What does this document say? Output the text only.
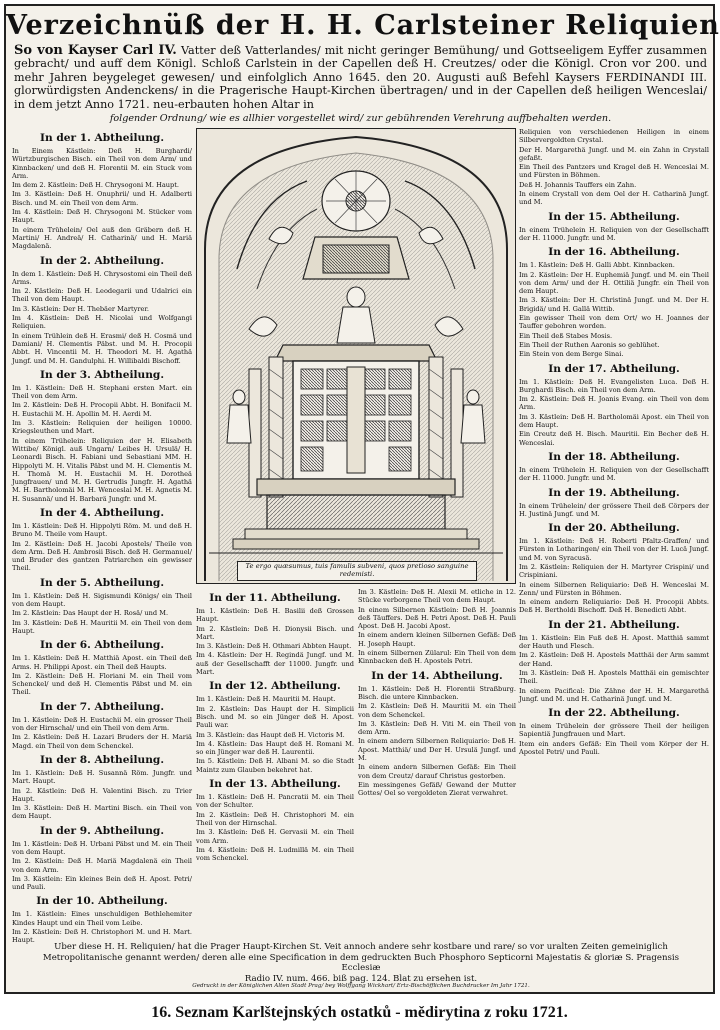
Verzeichnüß der H. H. Carlsteiner Reliquien
So von Kayser Carl IV. Vatter deß Vatterlandes/ mit nicht geringer Bemühung/ und Gottseeligem Eyffer zusammen gebracht/ und auff dem Königl. Schloß Carlstein in der Capellen deß H. Creutzes/ oder die Königl. Cron vor 200. und mehr Jahren beygeleget gewesen/ und einfolglich Anno 1645. den 20. Augusti auß Befehl Kaysers FERDINANDI III. glorwürdigsten Andenckens/ in die Pragerische Haupt-Kirchen übertragen/ und in der Capellen deß heiligen Wenceslai/ in dem jetzt Anno 1721. neu-erbauten hohen Altar in
folgender Ordnung/ wie es allhier vorgestellet wird/ zur gebührenden Verehrung auffbehalten werden.
In der 1. Abtheilung.
In Einem Kästlein: Deß H. Burghardi/ Würtzburgischen Bisch. ein Theil von dem Arm/ und Kinnbacken/ und deß H. Florentii M. ein Stuck vom Arm.
Im dem 2. Kästlein: Deß H. Chrysogoni M. Haupt.
Im 3. Kästlein: Deß H. Onuphrii/ und H. Adalberti Bisch. und M. ein Theil von dem Arm.
Im 4. Kästlein: Deß H. Chrysogoni M. Stücker vom Haupt.
In einem Trühelein/ Oel auß den Gräbern deß H. Martini/ H. Andreä/ H. Catharinä/ und H. Mariä Magdalenä.
In der 2. Abtheilung.
In dem 1. Kästlein: Deß H. Chrysostomi ein Theil deß Arms.
Im 2. Kästlein: Deß H. Leodegarii und Udalrici ein Theil von dem Haupt.
Im 3. Kästlein: Der H. Thebäer Martyrer.
Im 4. Kästlein: Deß H. Nicolai und Wolfgangi Reliquien.
In einem Trühlein deß H. Erasmi/ deß H. Cosmä und Damiani/ H. Clementis Päbst. und M. H. Procopii Abbt. H. Vincentii M. H. Theodori M. H. Agathä Jungf. und M. H. Gandulphi. H. Willibaldi Bischoff.
In der 3. Abtheilung.
Im 1. Kästlein: Deß H. Stephani ersten Mart. ein Theil von dem Arm.
Im 2. Kästlein: Deß H. Procopii Abbt. H. Bonifacii M. H. Eustachii M. H. Apollin M. H. Aerdi M.
Im 3. Kästlein: Reliquien der heiligen 10000. Kriegsleuthen und Mart.
In einem Trühelein: Reliquien der H. Elisabeth Wittibe/ Königl. auß Ungarn/ Leibes H. Ursulä/ H. Leonardi Bisch. H. Fabiani und Sebastiani MM. H. Hippolyti M. H. Vitalis Päbst und M. H. Clementis M. H. Thomä M. H. Eustachii M. H. Dorotheä Jungfrauen/ und M. H. Gertrudis Jungfr. H. Agathä M. H. Bartholomäi M. H. Wenceslai M. H. Agnetis M. H. Susannä/ und H. Barbarä Jungfr. und M.
In der 4. Abtheilung.
Im 1. Kästlein: Deß H. Hippolyti Röm. M. und deß H. Bruno M. Theile vom Haupt.
Im 2. Kästlein: Deß H. Jacobi Apostels/ Theile von dem Arm. Deß H. Ambrosii Bisch. deß H. Germanuel/ und Bruder des gantzen Patriarchen ein gewisser Theil.
In der 5. Abtheilung.
Im 1. Kästlein: Deß H. Sigismundi Königs/ ein Theil von dem Haupt.
Im 2. Kästlein: Das Haupt der H. Rosä/ und M.
Im 3. Kästlein: Deß H. Mauritii M. ein Theil von dem Haupt.
In der 6. Abtheilung.
Im 1. Kästlein: Deß H. Matthiä Apost. ein Theil deß Arms. H. Philippi Apost. ein Theil deß Haupts.
Im 2. Kästlein: Deß H. Floriani M. ein Theil vom Schenckel/ und deß H. Clementis Päbst und M. ein Theil.
In der 7. Abtheilung.
Im 1. Kästlein: Deß H. Eustachii M. ein grosser Theil von der Hirnschal/ und ein Theil von dem Arm.
Im 2. Kästlein: Deß H. Lazari Bruders der H. Mariä Magd. ein Theil von dem Schenckel.
In der 8. Abtheilung.
Im 1. Kästlein: Deß H. Susannä Röm. Jungfr. und Mart. Haupt.
Im 2. Kästlein: Deß H. Valentini Bisch. zu Trier Haupt.
Im 3. Kästlein: Deß H. Martini Bisch. ein Theil von dem Haupt.
In der 9. Abtheilung.
Im 1. Kästlein: Deß H. Urbani Päbst und M. ein Theil von dem Haupt.
Im 2. Kästlein: Deß H. Mariä Magdalenä ein Theil von dem Arm.
Im 3. Kästlein: Ein kleines Bein deß H. Apost. Petri/ und Pauli.
In der 10. Abtheilung.
Im 1. Kästlein: Eines unschuldigen Bethlehemiter Kindes Haupt und ein Theil vom Leibe.
Im 2. Kästlein: Deß H. Christophori M. und H. Mart. Haupt.
Te ergo quæsumus, tuis famulis subveni, quos pretioso sanguine redemisti.
In der 11. Abtheilung.
Im 1. Kästlein: Deß H. Basilii deß Grossen Haupt.
Im 2. Kästlein: Deß H. Dionysii Bisch. und Mart.
Im 3. Kästlein: Deß H. Othmari Abbten Haupt.
Im 4. Kästlein: Der H. Regindä Jungf. und M. auß der Gesellschafft der 11000. Jungfr. und Mart.
In der 12. Abtheilung.
Im 1. Kästlein: Deß H. Mauritii M. Haupt.
Im 2. Kästlein: Das Haupt der H. Simplicii Bisch. und M. so ein Jünger deß H. Apost. Pauli war.
Im 3. Kästlein: das Haupt deß H. Victoris M.
Im 4. Kästlein: Das Haupt deß H. Romani M. so ein Jünger war deß H. Laurentii.
Im 5. Kästlein: Deß H. Albani M. so die Stadt Maintz zum Glauben bekehret hat.
In der 13. Abtheilung.
Im 1. Kästlein: Deß H. Pancratii M. ein Theil von der Schulter.
Im 2. Kästlein: Deß H. Christophori M. ein Theil von der Hirnschal.
Im 3. Kästlein: Deß H. Gervasii M. ein Theil vom Arm.
Im 4. Kästlein: Deß H. Ludmillä M. ein Theil vom Schenckel.
Im 3. Kästlein: Deß H. Alexii M. etliche in 12. Stücke verborgene Theil von dem Haupt.
In einem Silbernen Kästlein: Deß H. Joannis deß Täuffers. Deß H. Petri Apost. Deß H. Pauli Apost. Deß H. Jacobi Apost.
In einem andern kleinen Silbernen Gefäß: Deß H. Joseph Haupt.
In einem Silbernen Zülarul: Ein Theil von dem Kinnbacken deß H. Apostels Petri.
In der 14. Abtheilung.
Im 1. Kästlein: Deß H. Florentii Straßburg. Bisch. die untere Kinnbacken.
Im 2. Kästlein: Deß H. Mauritii M. ein Theil von dem Schenckel.
Im 3. Kästlein: Deß H. Viti M. ein Theil von dem Arm.
In einem andern Silbernen Reliquiario: Deß H. Apost. Matthiä/ und Der H. Ursulä Jungf. und M.
In einem andern Silbernen Gefäß: Ein Theil von dem Creutz/ darauf Christus gestorben.
Ein messingenes Gefäß/ Gewand der Mutter Gottes/ Oel so vergoldeten Zierat verwahret.
Reliquien von verschiedenen Heiligen in einem Silbervergoldten Crystal.
Der H. Margarethä Jungf. und M. ein Zahn in Crystall gefaßt.
Ein Theil des Pantzers und Kragel deß H. Wenceslai M. und Fürsten in Böhmen.
Deß H. Johannis Tauffers ein Zahn.
In einem Crystall von dem Oel der H. Catharinä Jungf. und M.
In der 15. Abtheilung.
In einem Trühelein H. Reliquien von der Gesellschafft der H. 11000. Jungfr. und M.
In der 16. Abtheilung.
Im 1. Kästlein: Deß H. Galli Abbt. Kinnbacken.
Im 2. Kästlein: Der H. Euphemiä Jungf. und M. ein Theil von dem Arm/ und der H. Ottiliä Jungfr. ein Theil von dem Haupt.
Im 3. Kästlein: Der H. Christinä Jungf. und M. Der H. Brigidä/ und H. Gallä Wittib.
Ein gewisser Theil von dem Ort/ wo H. Joannes der Tauffer gebohren worden.
Ein Theil deß Stabes Mosis.
Ein Theil der Ruthen Aaronis so geblühet.
Ein Stein von dem Berge Sinai.
In der 17. Abtheilung.
Im 1. Kästlein: Deß H. Evangelisten Luca. Deß H. Burghardi Bisch. ein Theil von dem Arm.
Im 2. Kästlein: Deß H. Joanis Evang. ein Theil von dem Arm.
Im 3. Kästlein: Deß H. Bartholomäi Apost. ein Theil von dem Haupt.
Ein Creutz deß H. Bisch. Mauritii. Ein Becher deß H. Wenceslai.
In der 18. Abtheilung.
In einem Trühelein H. Reliquien von der Gesellschafft der H. 11000. Jungfr. und M.
In der 19. Abtheilung.
In einem Trühelein/ der grössere Theil deß Cörpers der H. Justinä Jungf. und M.
In der 20. Abtheilung.
Im 1. Kästlein: Deß H. Roberti Pfaltz-Graffen/ und Fürsten in Lotharingen/ ein Theil von der H. Lucä Jungf. und M. von Syracusä.
Im 2. Kästlein: Reliquien der H. Martyrer Crispini/ und Crispiniani.
In einem Silbernen Reliquiario: Deß H. Wenceslai M. Zenn/ und Fürsten in Böhmen.
In einem andern Reliquiario: Deß H. Procopii Abbts. Deß H. Bertholdi Bischoff. Deß H. Benedicti Abbt.
In der 21. Abtheilung.
Im 1. Kästlein: Ein Fuß deß H. Apost. Matthiä sammt der Hauth und Flesch.
Im 2. Kästlein: Deß H. Apostels Matthäi der Arm sammt der Hand.
Im 3. Kästlein: Deß H. Apostels Matthäi ein gemischter Theil.
In einem Pacifical: Die Zähne der H. H. Margarethä Jungf. und M. und H. Catharinä Jungf. und M.
In der 22. Abtheilung.
In einem Trühelein der grössere Theil der heiligen Sapientiä Jungfrauen und Mart.
Item ein anders Gefäß: Ein Theil vom Körper der H. Apostel Petri/ und Pauli.
Uber diese H. H. Reliquien/ hat die Prager Haupt-Kirchen St. Veit annoch andere sehr kostbare und rare/ so vor uralten Zeiten gemeiniglich Metropolitanische genannt werden/ deren alle eine Specification in dem gedruckten Buch Phosphoro Septicorni Majestatis & gloriæ S. Pragensis Ecclesiæ
Radio IV. num. 466. biß pag. 124. Blat zu ersehen ist.
Gedruckt in der Königlichen Alten Stadt Prag/ bey Wolffgang Wickhart/ Ertz-Bischöfflichen Buchdrucker Im Jahr 1721.
16. Seznam Karlštejnských ostatků - mědirytina z roku 1721.
